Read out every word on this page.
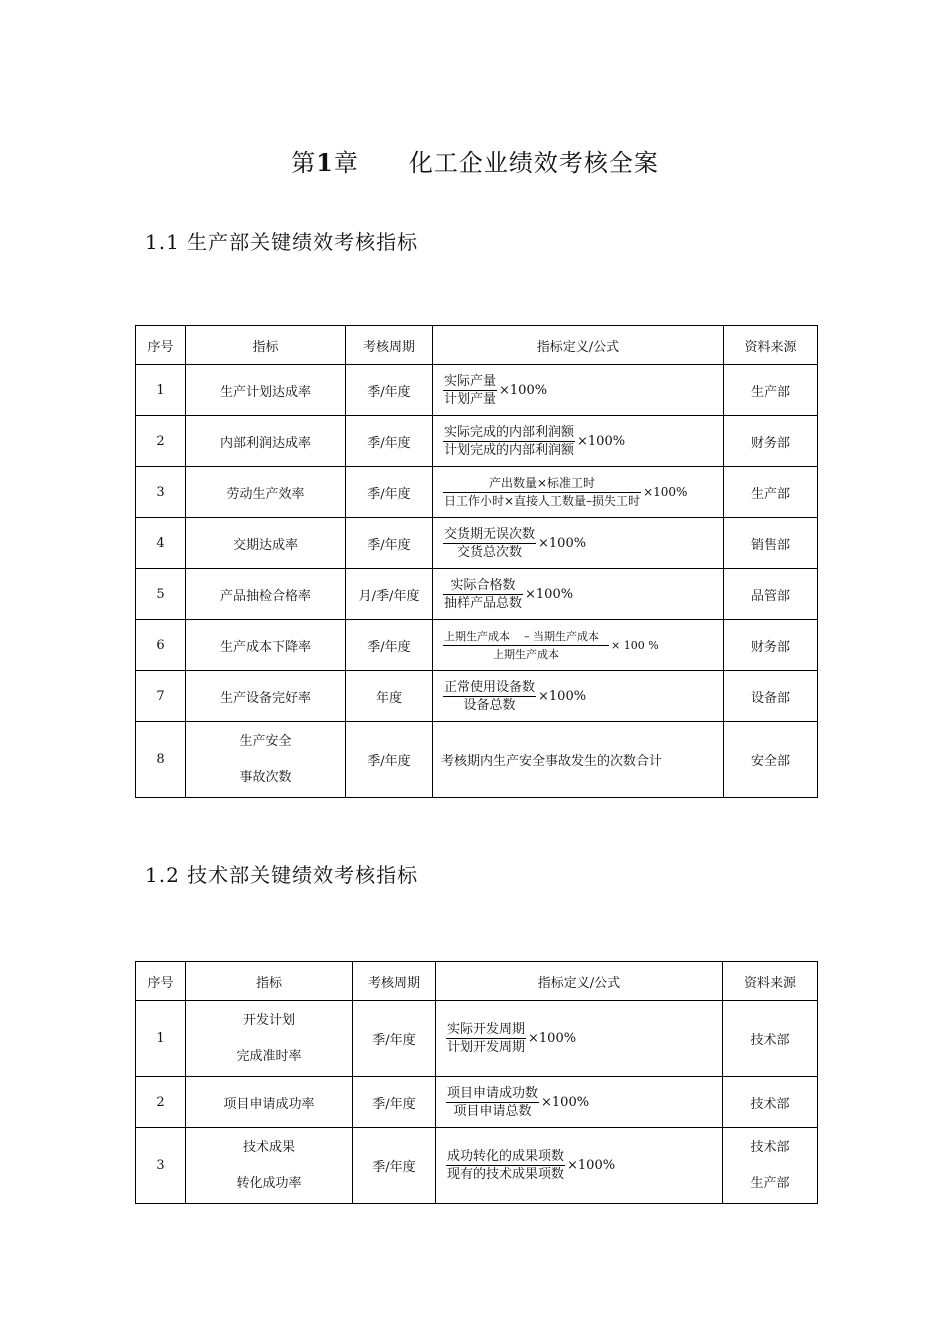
第1章 化工企业绩效考核全案
1.1 生产部关键绩效考核指标
序号	指标	考核周期	指标定义/公式	资料来源
1	生产计划达成率	季/年度	$\frac{\text{实际产量}}{\text{计划产量}} \times 100\%$	生产部
2	内部利润达成率	季/年度	$\frac{\text{实际完成的内部利润额}}{\text{计划完成的内部利润额}} \times 100\%$	财务部
3	劳动生产效率	季/年度	$\frac{\text{产出数量×标准工时}}{\text{日工作小时×直接人工数量–损失工时}} \times 100\%$	生产部
4	交期达成率	季/年度	$\frac{\text{交货期无误次数}}{\text{交货总次数}} \times 100\%$	销售部
5	产品抽检合格率	月/季/年度	$\frac{\text{实际合格数}}{\text{抽样产品总数}} \times 100\%$	品管部
6	生产成本下降率	季/年度	$\frac{\text{上期生产成本    – 当期生产成本}}{\text{上期生产成本}} \times 100$ %	财务部
7	生产设备完好率	年度	$\frac{\text{正常使用设备数}}{\text{设备总数}} \times 100\%$	设备部
8	生产安全
事故次数	季/年度	考核期内生产安全事故发生的次数合计	安全部
1.2 技术部关键绩效考核指标
序号	指标	考核周期	指标定义/公式	资料来源
1	开发计划
完成准时率	季/年度	$\frac{\text{实际开发周期}}{\text{计划开发周期}} \times 100\%$	技术部
2	项目申请成功率	季/年度	$\frac{\text{项目申请成功数}}{\text{项目申请总数}} \times 100\%$	技术部
3	技术成果
转化成功率	季/年度	$\frac{\text{成功转化的成果项数}}{\text{现有的技术成果项数}} \times 100\%$	技术部
生产部
